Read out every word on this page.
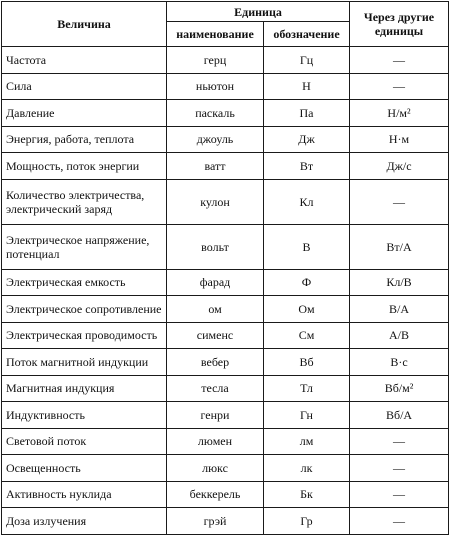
Величина	Единица		Через другие
единицы

	наименование	обозначение	
Частота	герц	Гц	—
Сила	ньютон	Н	—
Давление	паскаль	Па	Н/м²
Энергия, работа, теплота	джоуль	Дж	Н·м
Мощность, поток энергии	ватт	Вт	Дж/с

Количество электричества,
электрический заряд	кулон	Кл	—

Электрическое напряжение,
потенциал	вольт	В	Вт/А
Электрическая емкость	фарад	Ф	Кл/В
Электрическое сопротивление	ом	Ом	В/А
Электрическая проводимость	сименс	См	А/В
Поток магнитной индукции	вебер	Вб	В·с
Магнитная индукция	тесла	Тл	Вб/м²
Индуктивность	генри	Гн	Вб/А
Световой поток	люмен	лм	—
Освещенность	люкс	лк	—
Активность нуклида	беккерель	Бк	—
Доза излучения	грэй	Гр	—
